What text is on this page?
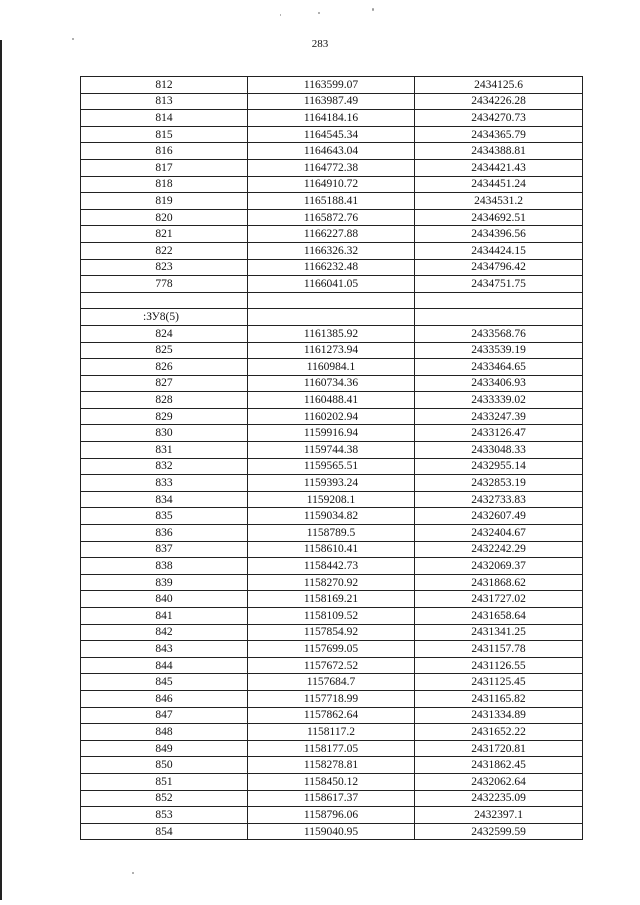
283
812	1163599.07	2434125.6
813	1163987.49	2434226.28
814	1164184.16	2434270.73
815	1164545.34	2434365.79
816	1164643.04	2434388.81
817	1164772.38	2434421.43
818	1164910.72	2434451.24
819	1165188.41	2434531.2
820	1165872.76	2434692.51
821	1166227.88	2434396.56
822	1166326.32	2434424.15
823	1166232.48	2434796.42
778	1166041.05	2434751.75

:ЗУ8(5)		
824	1161385.92	2433568.76
825	1161273.94	2433539.19
826	1160984.1	2433464.65
827	1160734.36	2433406.93
828	1160488.41	2433339.02
829	1160202.94	2433247.39
830	1159916.94	2433126.47
831	1159744.38	2433048.33
832	1159565.51	2432955.14
833	1159393.24	2432853.19
834	1159208.1	2432733.83
835	1159034.82	2432607.49
836	1158789.5	2432404.67
837	1158610.41	2432242.29
838	1158442.73	2432069.37
839	1158270.92	2431868.62
840	1158169.21	2431727.02
841	1158109.52	2431658.64
842	1157854.92	2431341.25
843	1157699.05	2431157.78
844	1157672.52	2431126.55
845	1157684.7	2431125.45
846	1157718.99	2431165.82
847	1157862.64	2431334.89
848	1158117.2	2431652.22
849	1158177.05	2431720.81
850	1158278.81	2431862.45
851	1158450.12	2432062.64
852	1158617.37	2432235.09
853	1158796.06	2432397.1
854	1159040.95	2432599.59
